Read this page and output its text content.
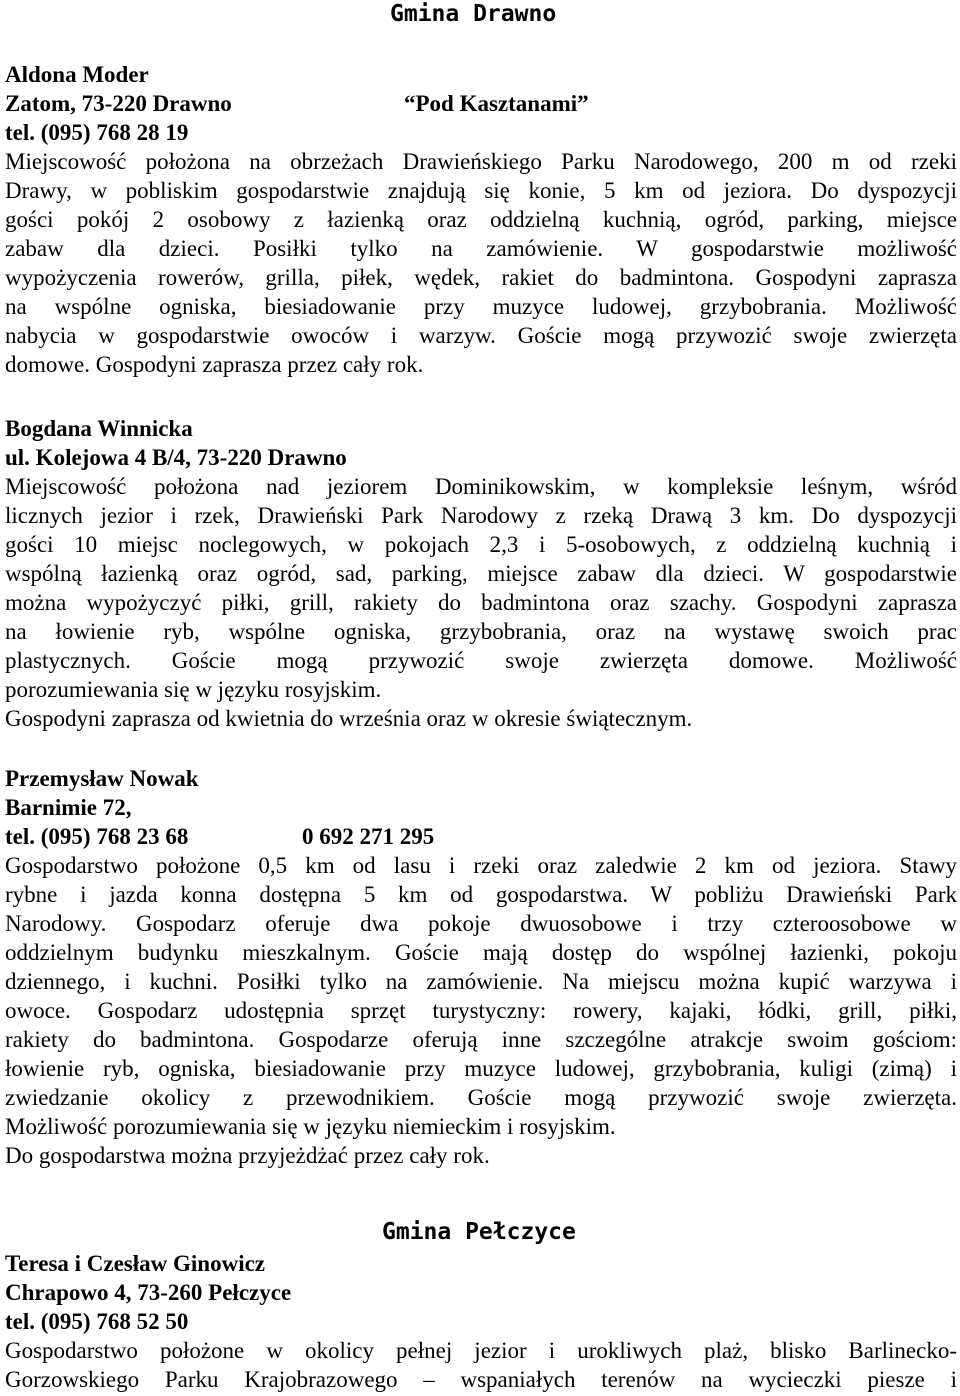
Gmina Drawno
Aldona Moder
Zatom, 73-220 Drawno	“Pod Kasztanami”
tel. (095) 768 28 19
Miejscowość położona na obrzeżach Drawieńskiego Parku Narodowego, 200 m od rzeki
Drawy, w pobliskim gospodarstwie znajdują się konie, 5 km od jeziora. Do dyspozycji
gości pokój 2 osobowy z łazienką oraz oddzielną kuchnią, ogród, parking, miejsce
zabaw dla dzieci. Posiłki tylko na zamówienie. W gospodarstwie możliwość
wypożyczenia rowerów, grilla, piłek, wędek, rakiet do badmintona. Gospodyni zaprasza
na wspólne ogniska, biesiadowanie przy muzyce ludowej, grzybobrania. Możliwość
nabycia w gospodarstwie owoców i warzyw. Goście mogą przywozić swoje zwierzęta
domowe. Gospodyni zaprasza przez cały rok.
Bogdana Winnicka
ul. Kolejowa 4 B/4, 73-220 Drawno
Miejscowość położona nad jeziorem Dominikowskim, w kompleksie leśnym, wśród
licznych jezior i rzek, Drawieński Park Narodowy z rzeką Drawą 3 km. Do dyspozycji
gości 10 miejsc noclegowych, w pokojach 2,3 i 5-osobowych, z oddzielną kuchnią i
wspólną łazienką oraz ogród, sad, parking, miejsce zabaw dla dzieci. W gospodarstwie
można wypożyczyć piłki, grill, rakiety do badmintona oraz szachy. Gospodyni zaprasza
na łowienie ryb, wspólne ogniska, grzybobrania, oraz na wystawę swoich prac
plastycznych. Goście mogą przywozić swoje zwierzęta domowe. Możliwość
porozumiewania się w języku rosyjskim.
Gospodyni zaprasza od kwietnia do września oraz w okresie świątecznym.
Przemysław Nowak
Barnimie 72,
tel. (095) 768 23 68	0 692 271 295
Gospodarstwo położone 0,5 km od lasu i rzeki oraz zaledwie 2 km od jeziora. Stawy
rybne i jazda konna dostępna 5 km od gospodarstwa. W pobliżu Drawieński Park
Narodowy. Gospodarz oferuje dwa pokoje dwuosobowe i trzy czteroosobowe w
oddzielnym budynku mieszkalnym. Goście mają dostęp do wspólnej łazienki, pokoju
dziennego, i kuchni. Posiłki tylko na zamówienie. Na miejscu można kupić warzywa i
owoce. Gospodarz udostępnia sprzęt turystyczny: rowery, kajaki, łódki, grill, piłki,
rakiety do badmintona. Gospodarze oferują inne szczególne atrakcje swoim gościom:
łowienie ryb, ogniska, biesiadowanie przy muzyce ludowej, grzybobrania, kuligi (zimą) i
zwiedzanie okolicy z przewodnikiem. Goście mogą przywozić swoje zwierzęta.
Możliwość porozumiewania się w języku niemieckim i rosyjskim.
Do gospodarstwa można przyjeżdżać przez cały rok.
Gmina Pełczyce
Teresa i Czesław Ginowicz
Chrapowo 4, 73-260 Pełczyce
tel. (095) 768 52 50
Gospodarstwo położone w okolicy pełnej jezior i urokliwych plaż, blisko Barlinecko-
Gorzowskiego Parku Krajobrazowego – wspaniałych terenów na wycieczki piesze i
